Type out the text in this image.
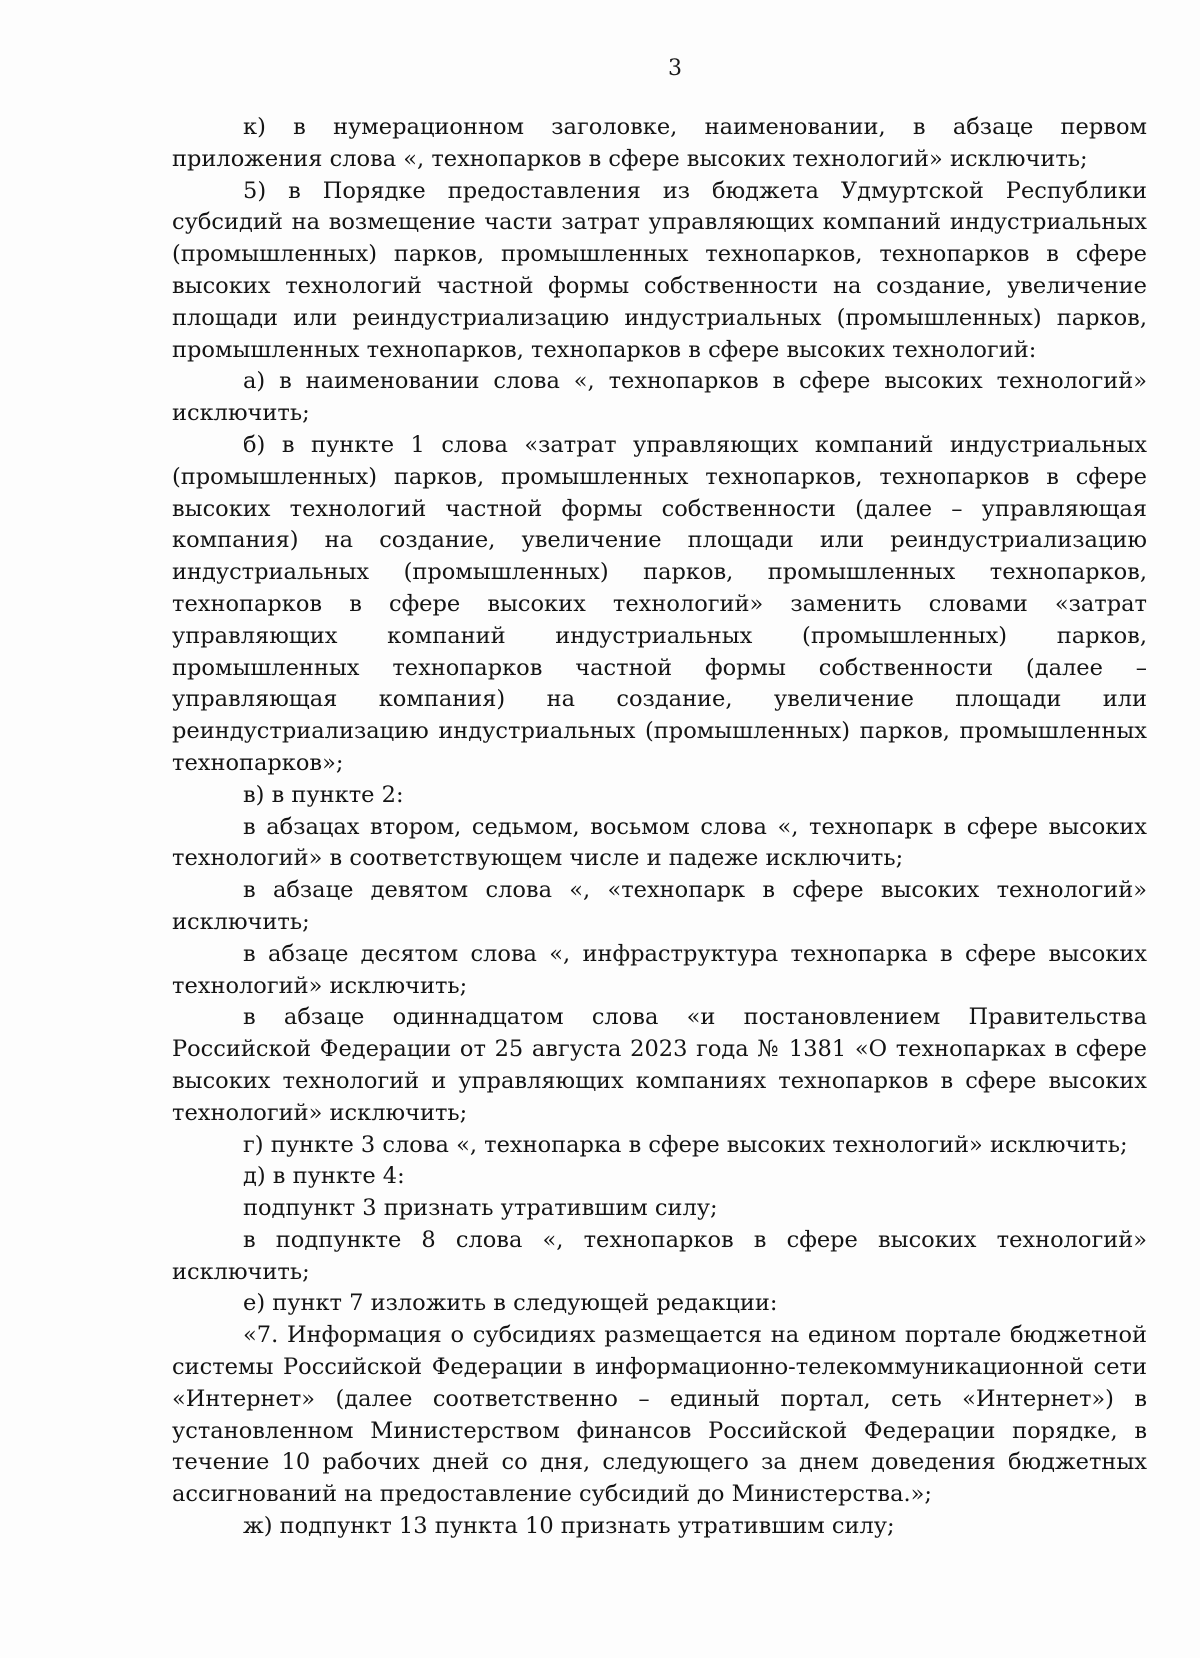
3

к) в нумерационном заголовке, наименовании, в абзаце первом приложения слова «, технопарков в сфере высоких технологий» исключить;

5) в Порядке предоставления из бюджета Удмуртской Республики субсидий на возмещение части затрат управляющих компаний индустриальных (промышленных) парков, промышленных технопарков, технопарков в сфере высоких технологий частной формы собственности на создание, увеличение площади или реиндустриализацию индустриальных (промышленных) парков, промышленных технопарков, технопарков в сфере высоких технологий:

а) в наименовании слова «, технопарков в сфере высоких технологий» исключить;

б) в пункте 1 слова «затрат управляющих компаний индустриальных (промышленных) парков, промышленных технопарков, технопарков в сфере высоких технологий частной формы собственности (далее – управляющая компания) на создание, увеличение площади или реиндустриализацию индустриальных (промышленных) парков, промышленных технопарков, технопарков в сфере высоких технологий» заменить словами «затрат управляющих компаний индустриальных (промышленных) парков, промышленных технопарков частной формы собственности (далее – управляющая компания) на создание, увеличение площади или реиндустриализацию индустриальных (промышленных) парков, промышленных технопарков»;

в) в пункте 2:

в абзацах втором, седьмом, восьмом слова «, технопарк в сфере высоких технологий» в соответствующем числе и падеже исключить;

в абзаце девятом слова «, «технопарк в сфере высоких технологий» исключить;

в абзаце десятом слова «, инфраструктура технопарка в сфере высоких технологий» исключить;

в абзаце одиннадцатом слова «и постановлением Правительства Российской Федерации от 25 августа 2023 года № 1381 «О технопарках в сфере высоких технологий и управляющих компаниях технопарков в сфере высоких технологий» исключить;

г) пункте 3 слова «, технопарка в сфере высоких технологий» исключить;

д) в пункте 4:

подпункт 3 признать утратившим силу;

в подпункте 8 слова «, технопарков в сфере высоких технологий» исключить;

е) пункт 7 изложить в следующей редакции:

«7. Информация о субсидиях размещается на едином портале бюджетной системы Российской Федерации в информационно-телекоммуникационной сети «Интернет» (далее соответственно – единый портал, сеть «Интернет») в установленном Министерством финансов Российской Федерации порядке, в течение 10 рабочих дней со дня, следующего за днем доведения бюджетных ассигнований на предоставление субсидий до Министерства.»;

ж) подпункт 13 пункта 10 признать утратившим силу;
